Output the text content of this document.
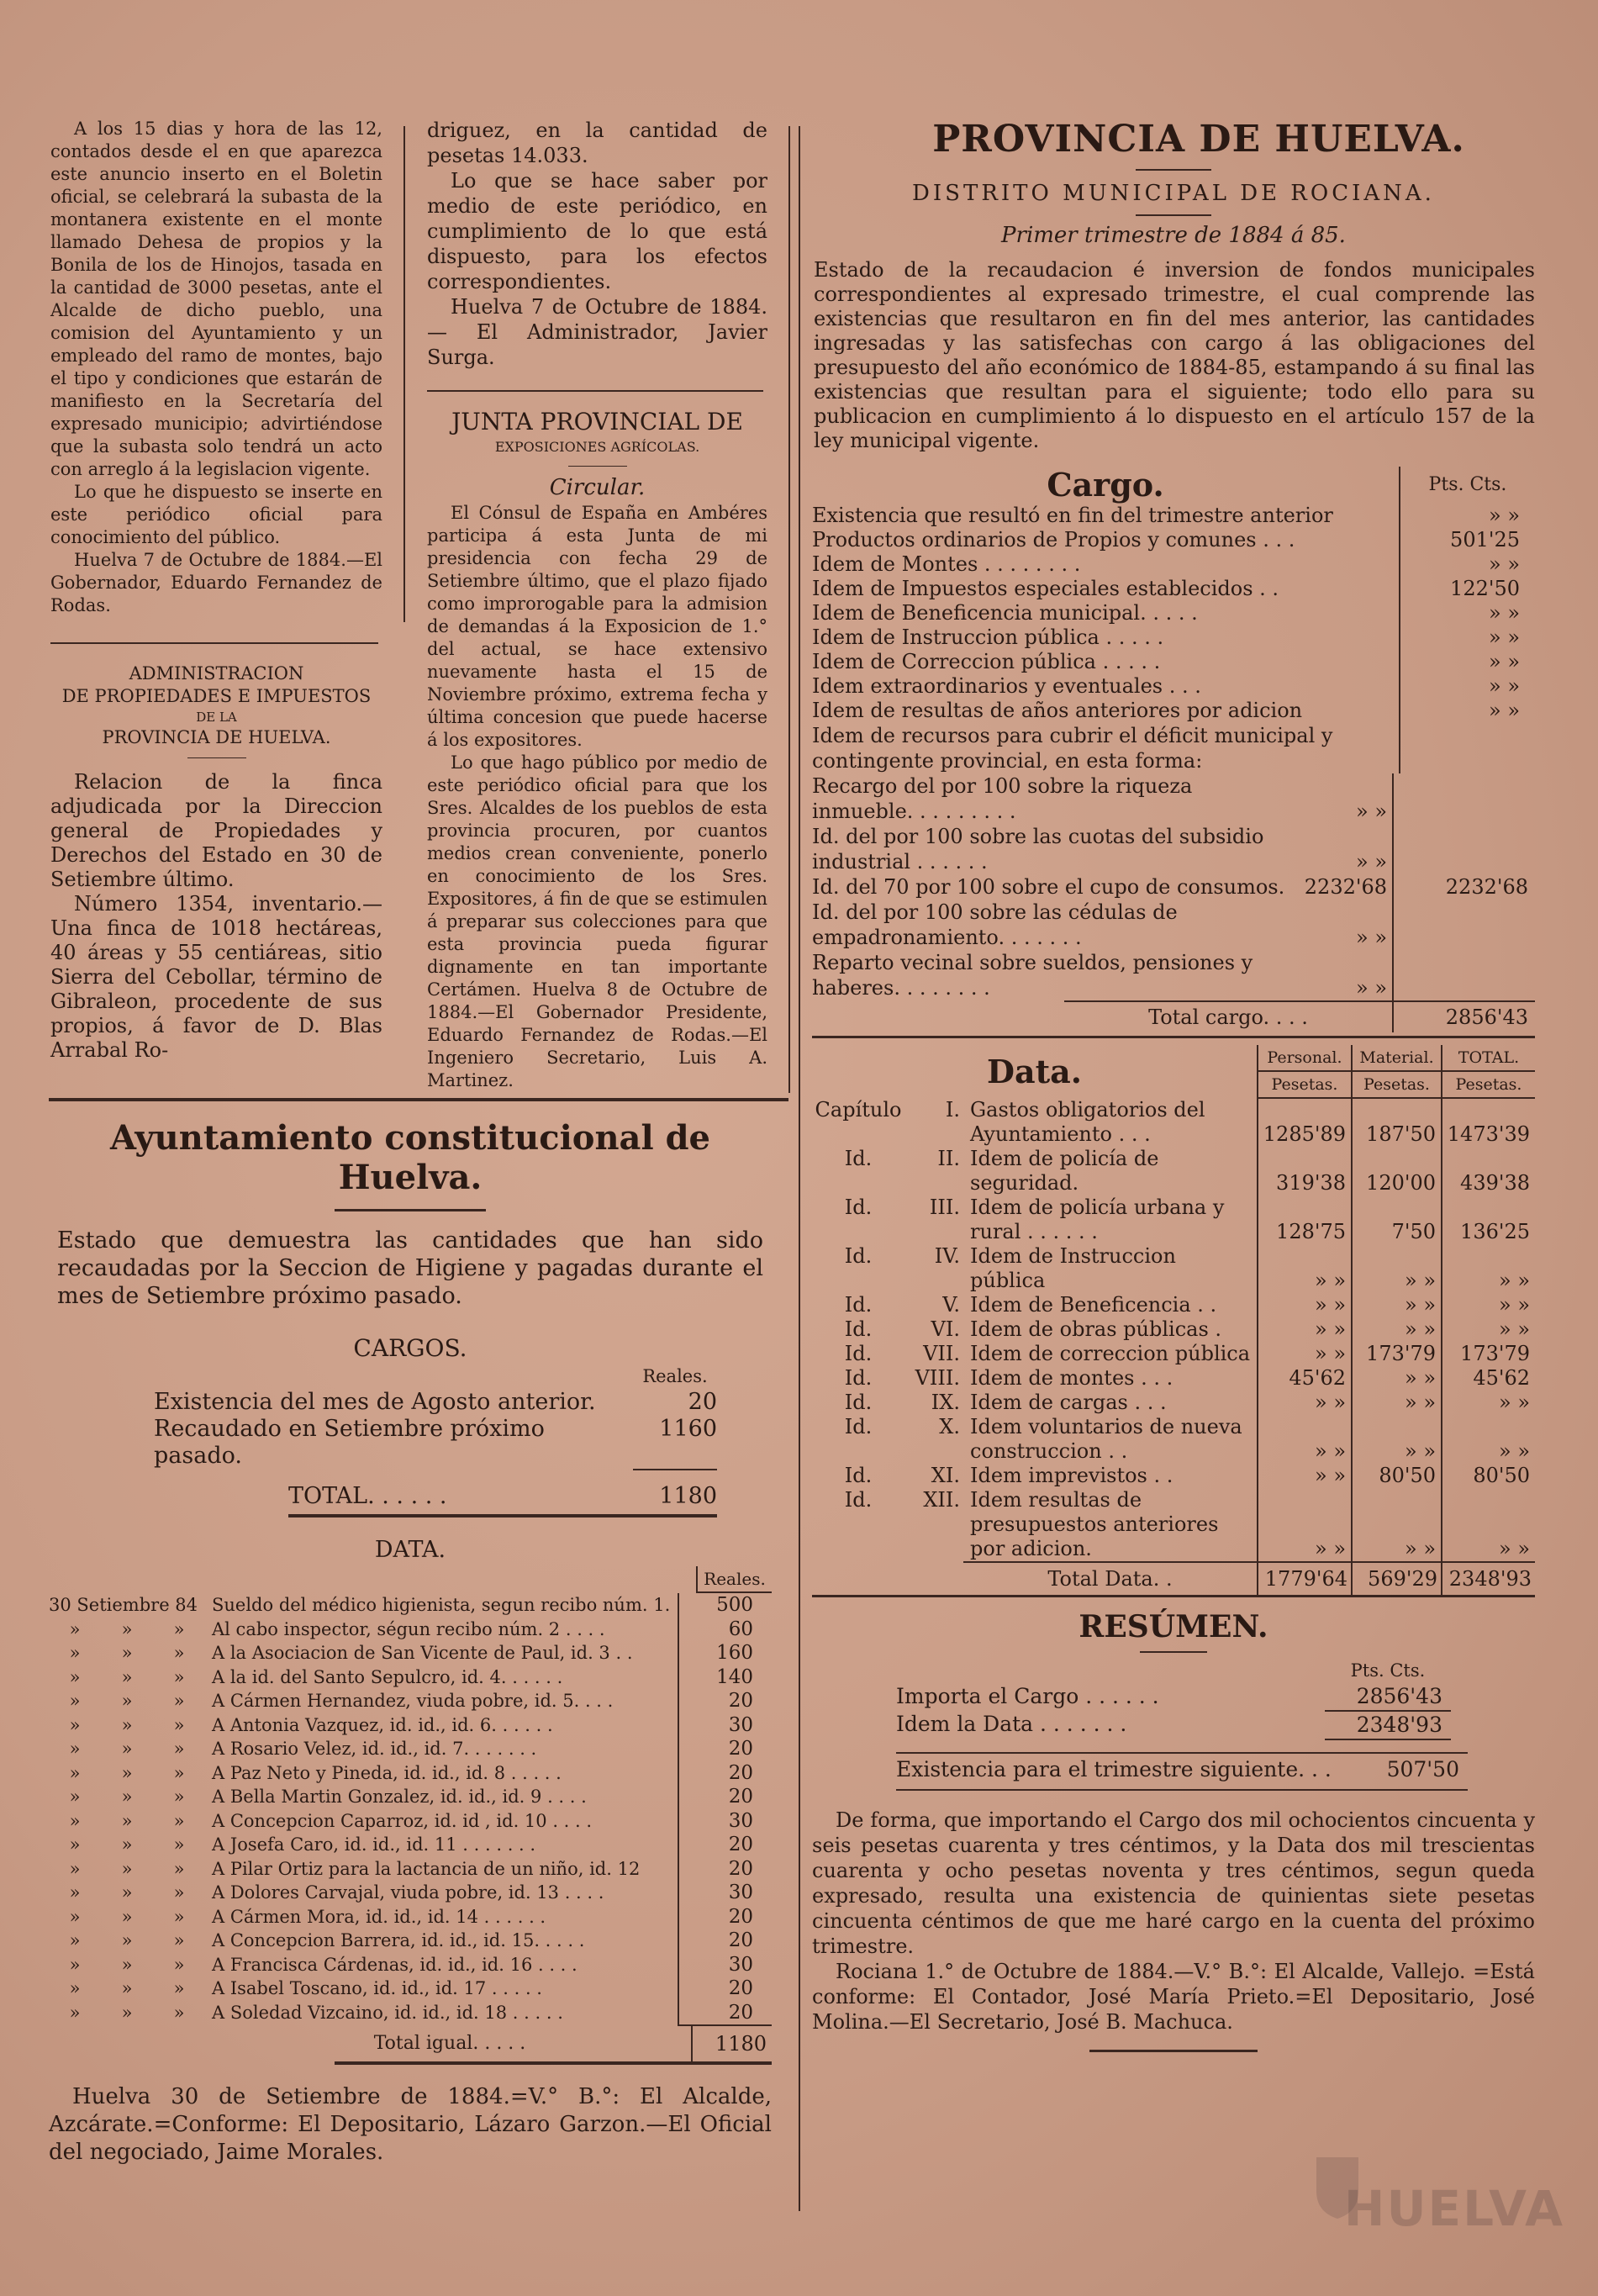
A los 15 dias y hora de las 12, contados desde el en que aparezca este anuncio inserto en el Boletin oficial, se celebrará la subasta de la montanera existente en el monte llamado Dehesa de propios y la Bonila de los de Hinojos, tasada en la cantidad de 3000 pesetas, ante el Alcalde de dicho pueblo, una comision del Ayuntamiento y un empleado del ramo de montes, bajo el tipo y condiciones que estarán de manifiesto en la Secretaría del expresado municipio; advirtiéndose que la subasta solo tendrá un acto con arreglo á la legislacion vigente.

Lo que he dispuesto se inserte en este periódico oficial para conocimiento del público.

Huelva 7 de Octubre de 1884.—El Gobernador, Eduardo Fernandez de Rodas.

ADMINISTRACION

DE PROPIEDADES E IMPUESTOS

DE LA

PROVINCIA DE HUELVA.

Relacion de la finca adjudicada por la Direccion general de Propiedades y Derechos del Estado en 30 de Setiembre último.

Número 1354, inventario.— Una finca de 1018 hectáreas, 40 áreas y 55 centiáreas, sitio Sierra del Cebollar, término de Gibraleon, procedente de sus propios, á favor de D. Blas Arrabal Ro-

driguez, en la cantidad de pesetas 14.033.

Lo que se hace saber por medio de este periódico, en cumplimiento de lo que está dispuesto, para los efectos correspondientes.

Huelva 7 de Octubre de 1884. — El Administrador, Javier Surga.

JUNTA PROVINCIAL DE

EXPOSICIONES AGRÍCOLAS.

Circular.

El Cónsul de España en Ambéres participa á esta Junta de mi presidencia con fecha 29 de Setiembre último, que el plazo fijado como improrogable para la admision de demandas á la Exposicion de 1.° del actual, se hace extensivo nuevamente hasta el 15 de Noviembre próximo, extrema fecha y última concesion que puede hacerse á los expositores.

Lo que hago público por medio de este periódico oficial para que los Sres. Alcaldes de los pueblos de esta provincia procuren, por cuantos medios crean conveniente, ponerlo en conocimiento de los Sres. Expositores, á fin de que se estimulen á preparar sus colecciones para que esta provincia pueda figurar dignamente en tan importante Certámen. Huelva 8 de Octubre de 1884.—El Gobernador Presidente, Eduardo Fernandez de Rodas.—El Ingeniero Secretario, Luis A. Martinez.

Ayuntamiento constitucional de Huelva.

Estado que demuestra las cantidades que han sido recaudadas por la Seccion de Higiene y pagadas durante el mes de Setiembre próximo pasado.

CARGOS.

	Reales.
Existencia del mes de Agosto anterior.	20
Recaudado en Setiembre próximo pasado.	1160
TOTAL. . . . . .	1180

DATA.

		Reales.
30 Setiembre 84	Sueldo del médico higienista, segun recibo núm. 1.	500
» » »	Al cabo inspector, ségun recibo núm. 2 . . . .	60
» » »	A la Asociacion de San Vicente de Paul, id. 3 . .	160
» » »	A la id. del Santo Sepulcro, id. 4. . . . . .	140
» » »	A Cármen Hernandez, viuda pobre, id. 5. . . .	20
» » »	A Antonia Vazquez, id. id., id. 6. . . . . .	30
» » »	A Rosario Velez, id. id., id. 7. . . . . . .	20
» » »	A Paz Neto y Pineda, id. id., id. 8 . . . . .	20
» » »	A Bella Martin Gonzalez, id. id., id. 9 . . . .	20
» » »	A Concepcion Caparroz, id. id , id. 10 . . . .	30
» » »	A Josefa Caro, id. id., id. 11 . . . . . . .	20
» » »	A Pilar Ortiz para la lactancia de un niño, id. 12	20
» » »	A Dolores Carvajal, viuda pobre, id. 13 . . . .	30
» » »	A Cármen Mora, id. id., id. 14 . . . . . .	20
» » »	A Concepcion Barrera, id. id., id. 15. . . . .	20
» » »	A Francisca Cárdenas, id. id., id. 16 . . . .	30
» » »	A Isabel Toscano, id. id., id. 17 . . . . .	20
» » »	A Soledad Vizcaino, id. id., id. 18 . . . . .	20
	Total igual. . . . .	1180

Huelva 30 de Setiembre de 1884.=V.° B.°: El Alcalde, Azcárate.=Conforme: El Depositario, Lázaro Garzon.—El Oficial del negociado, Jaime Morales.

PROVINCIA DE HUELVA.

DISTRITO MUNICIPAL DE ROCIANA.

Primer trimestre de 1884 á 85.

Estado de la recaudacion é inversion de fondos municipales correspondientes al expresado trimestre, el cual comprende las existencias que resultaron en fin del mes anterior, las cantidades ingresadas y las satisfechas con cargo á las obligaciones del presupuesto del año económico de 1884-85, estampando á su final las existencias que resultan para el siguiente; todo ello para su publicacion en cumplimiento á lo dispuesto en el artículo 157 de la ley municipal vigente.

Cargo.	Pts. Cts.
Existencia que resultó en fin del trimestre anterior	» »
Productos ordinarios de Propios y comunes . . .	501'25
Idem de Montes . . . . . . . .	» »
Idem de Impuestos especiales establecidos . .	122'50
Idem de Beneficencia municipal. . . . .	» »
Idem de Instruccion pública . . . . .	» »
Idem de Correccion pública . . . . .	» »
Idem extraordinarios y eventuales . . .	» »
Idem de resultas de años anteriores por adicion	» »
Idem de recursos para cubrir el déficit municipal y contingente provincial, en esta forma:	
Recargo del por 100 sobre la riqueza inmueble. . . . . . . . .	» »	
Id. del por 100 sobre las cuotas del subsidio industrial . . . . . .	» »	
Id. del 70 por 100 sobre el cupo de consumos.	2232'68	2232'68
Id. del por 100 sobre las cédulas de empadronamiento. . . . . . .	» »	
Reparto vecinal sobre sueldos, pensiones y haberes. . . . . . . .	» »	
	Total cargo. . . .	2856'43
Data.		Personal.	Material.	TOTAL.
		Pesetas.	Pesetas.	Pesetas.
Capítulo I.	Gastos obligatorios del Ayuntamiento . . .	1285'89	187'50	1473'39
Id. II.	Idem de policía de seguridad.	319'38	120'00	439'38
Id. III.	Idem de policía urbana y rural . . . . . .	128'75	7'50	136'25
Id. IV.	Idem de Instruccion pública	» »	» »	» »
Id. V.	Idem de Beneficencia . .	» »	» »	» »
Id. VI.	Idem de obras públicas .	» »	» »	» »
Id. VII.	Idem de correccion pública	» »	173'79	173'79
Id. VIII.	Idem de montes . . .	45'62	» »	45'62
Id. IX.	Idem de cargas . . .	» »	» »	» »
Id. X.	Idem voluntarios de nueva construccion . .	» »	» »	» »
Id. XI.	Idem imprevistos . .	» »	80'50	80'50
Id. XII.	Idem resultas de presupuestos anteriores por adicion.	» »	» »	» »
	Total Data. .	1779'64	569'29	2348'93

RESÚMEN.

	Pts. Cts.
Importa el Cargo . . . . . .	2856'43
Idem la Data . . . . . . .	2348'93
Existencia para el trimestre siguiente. . .	507'50

De forma, que importando el Cargo dos mil ochocientos cincuenta y seis pesetas cuarenta y tres céntimos, y la Data dos mil trescientas cuarenta y ocho pesetas noventa y tres céntimos, segun queda expresado, resulta una existencia de quinientas siete pesetas cincuenta céntimos de que me haré cargo en la cuenta del próximo trimestre.

Rociana 1.° de Octubre de 1884.—V.° B.°: El Alcalde, Vallejo. =Está conforme: El Contador, José María Prieto.=El Depositario, José Molina.—El Secretario, José B. Machuca.

HUELVA
